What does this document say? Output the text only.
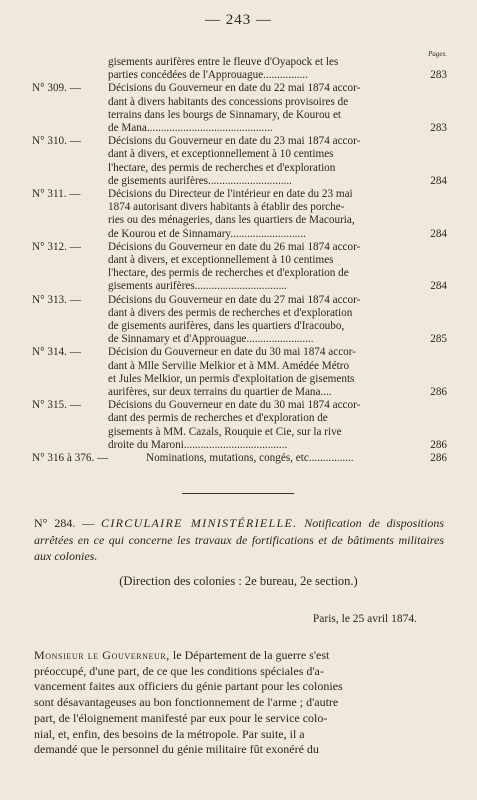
— 243 —
Pages.
gisements aurifères entre le fleuve d'Oyapock et les
parties concédées de l'Approuague................	283
N° 309. — Décisions du Gouverneur en date du 22 mai 1874 accor-
dant à divers habitants des concessions provisoires de
terrains dans les bourgs de Sinnamary, de Kourou et
de Mana.............................................	283
N° 310. — Décisions du Gouverneur en date du 23 mai 1874 accor-
dant à divers, et exceptionnellement à 10 centimes
l'hectare, des permis de recherches et d'exploration
de gisements aurifères..............................	284
N° 311. — Décisions du Directeur de l'intérieur en date du 23 mai
1874 autorisant divers habitants à établir des porche-
ries ou des ménageries, dans les quartiers de Macouria,
de Kourou et de Sinnamary...........................	284
N° 312. — Décisions du Gouverneur en date du 26 mai 1874 accor-
dant à divers, et exceptionnellement à 10 centimes
l'hectare, des permis de recherches et d'exploration de
gisements aurifères.................................	284
N° 313. — Décisions du Gouverneur en date du 27 mai 1874 accor-
dant à divers des permis de recherches et d'exploration
de gisements aurifères, dans les quartiers d'Iracoubo,
de Sinnamary et d'Approuague........................	285
N° 314. — Décision du Gouverneur en date du 30 mai 1874 accor-
dant à Mlle Servilie Melkior et à MM. Amédée Métro
et Jules Melkior, un permis d'exploitation de gisements
aurifères, sur deux terrains du quartier de Mana....	286
N° 315. — Décisions du Gouverneur en date du 30 mai 1874 accor-
dant des permis de recherches et d'exploration de
gisements à MM. Cazals, Rouquie et Cie, sur la rive
droite du Maroni.....................................	286
N° 316 à 376. —	Nominations, mutations, congés, etc................	286
N° 284. — CIRCULAIRE MINISTÉRIELLE. Notification de dispositions arrêtées en ce qui concerne les travaux de fortifications et de bâtiments militaires aux colonies.
(Direction des colonies : 2e bureau, 2e section.)
Paris, le 25 avril 1874.
Monsieur le Gouverneur, le Département de la guerre s'est
préoccupé, d'une part, de ce que les conditions spéciales d'a-
vancement faites aux officiers du génie partant pour les colonies
sont désavantageuses au bon fonctionnement de l'arme ; d'autre
part, de l'éloignement manifesté par eux pour le service colo-
nial, et, enfin, des besoins de la métropole. Par suite, il a
demandé que le personnel du génie militaire fût exonéré du
